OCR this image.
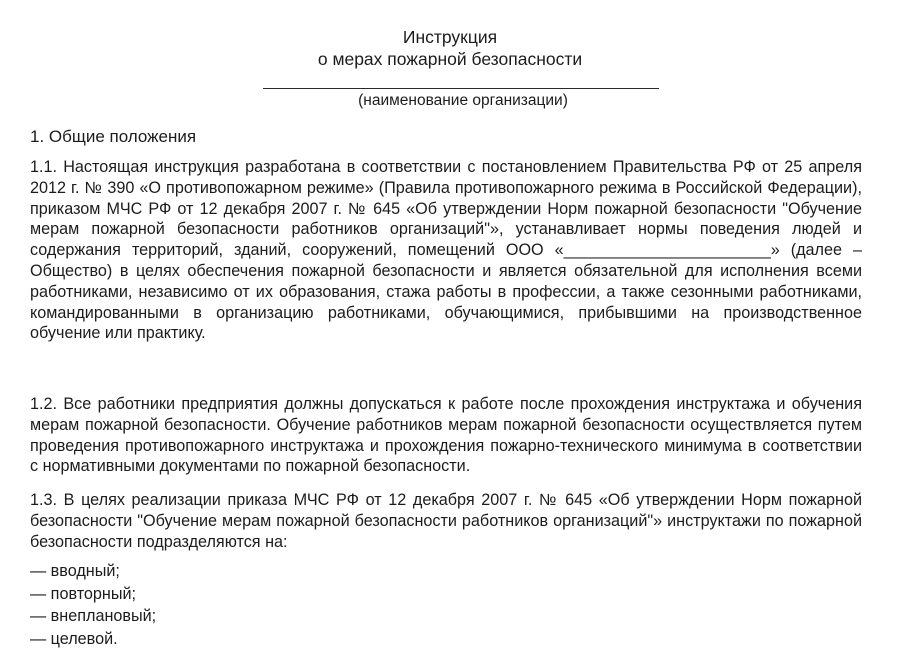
Инструкция
о мерах пожарной безопасности
(наименование организации)
1. Общие положения

1.1. Настоящая инструкция разработана в соответствии с постановлением Правительства РФ от 25 апреля 2012 г. № 390 «О противопожарном режиме» (Правила противопожарного режима в Российской Федерации), приказом МЧС РФ от 12 декабря 2007 г. № 645 «Об утверждении Норм пожарной безопасности "Обучение мерам пожарной безопасности работников организаций"», устанавливает нормы поведения людей и содержания территорий, зданий, сооружений, помещений ООО «_______________________» (далее – Общество) в целях обеспечения пожарной безопасности и является обязательной для исполнения всеми работниками, независимо от их образования, стажа работы в профессии, а также сезонными работниками, командированными в организацию работниками, обучающимися, прибывшими на производственное обучение или практику.

1.2. Все работники предприятия должны допускаться к работе после прохождения инструктажа и обучения мерам пожарной безопасности. Обучение работников мерам пожарной безопасности осуществляется путем проведения противопожарного инструктажа и прохождения пожарно-технического минимума в соответствии с нормативными документами по пожарной безопасности.

1.3. В целях реализации приказа МЧС РФ от 12 декабря 2007 г. № 645 «Об утверждении Норм пожарной безопасности "Обучение мерам пожарной безопасности работников организаций"» инструктажи по пожарной безопасности подразделяются на:

— вводный;
— повторный;
— внеплановый;
— целевой.
